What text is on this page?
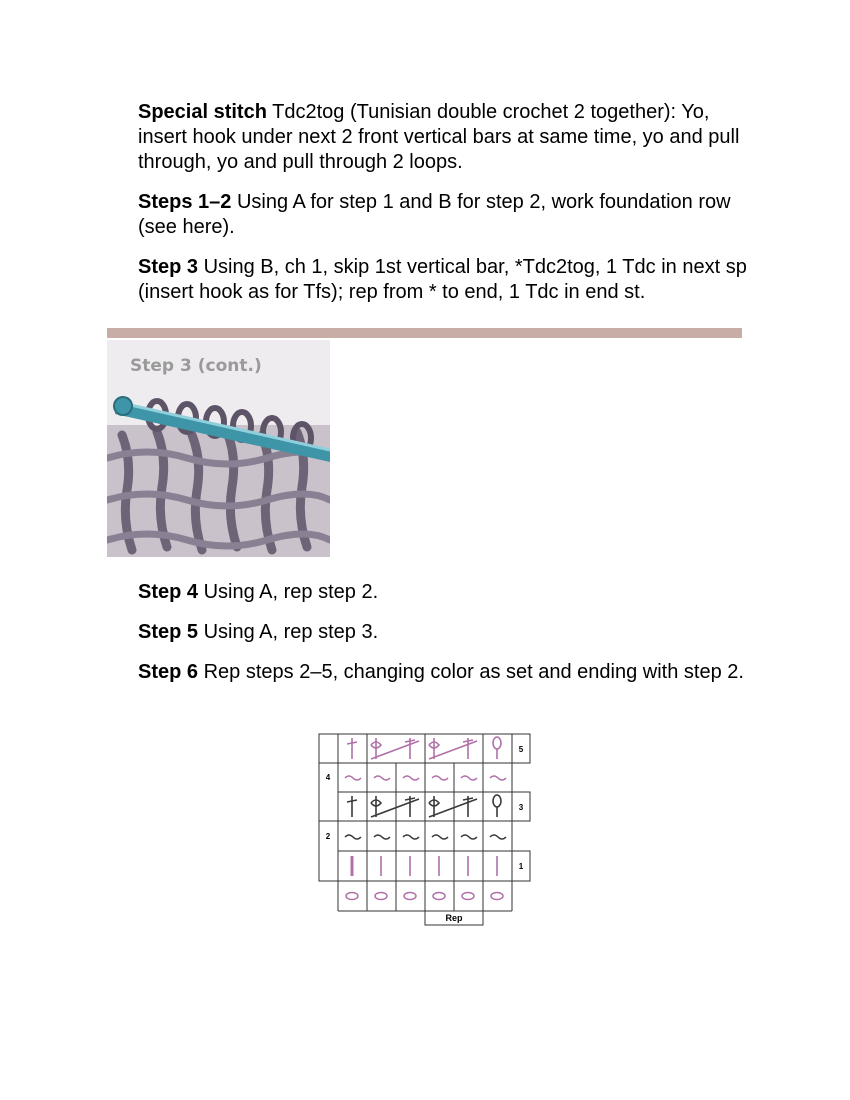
Special stitch Tdc2tog (Tunisian double crochet 2 together): Yo, insert hook under next 2 front vertical bars at same time, yo and pull through, yo and pull through 2 loops.

Steps 1–2 Using A for step 1 and B for step 2, work foundation row (see here).

Step 3 Using B, ch 1, skip 1st vertical bar, *Tdc2tog, 1 Tdc in next sp (insert hook as for Tfs); rep from * to end, 1 Tdc in end st.

Step 3 (cont.)

Step 4 Using A, rep step 2.

Step 5 Using A, rep step 3.

Step 6 Rep steps 2–5, changing color as set and ending with step 2.

5
4
3
2
1
Rep
